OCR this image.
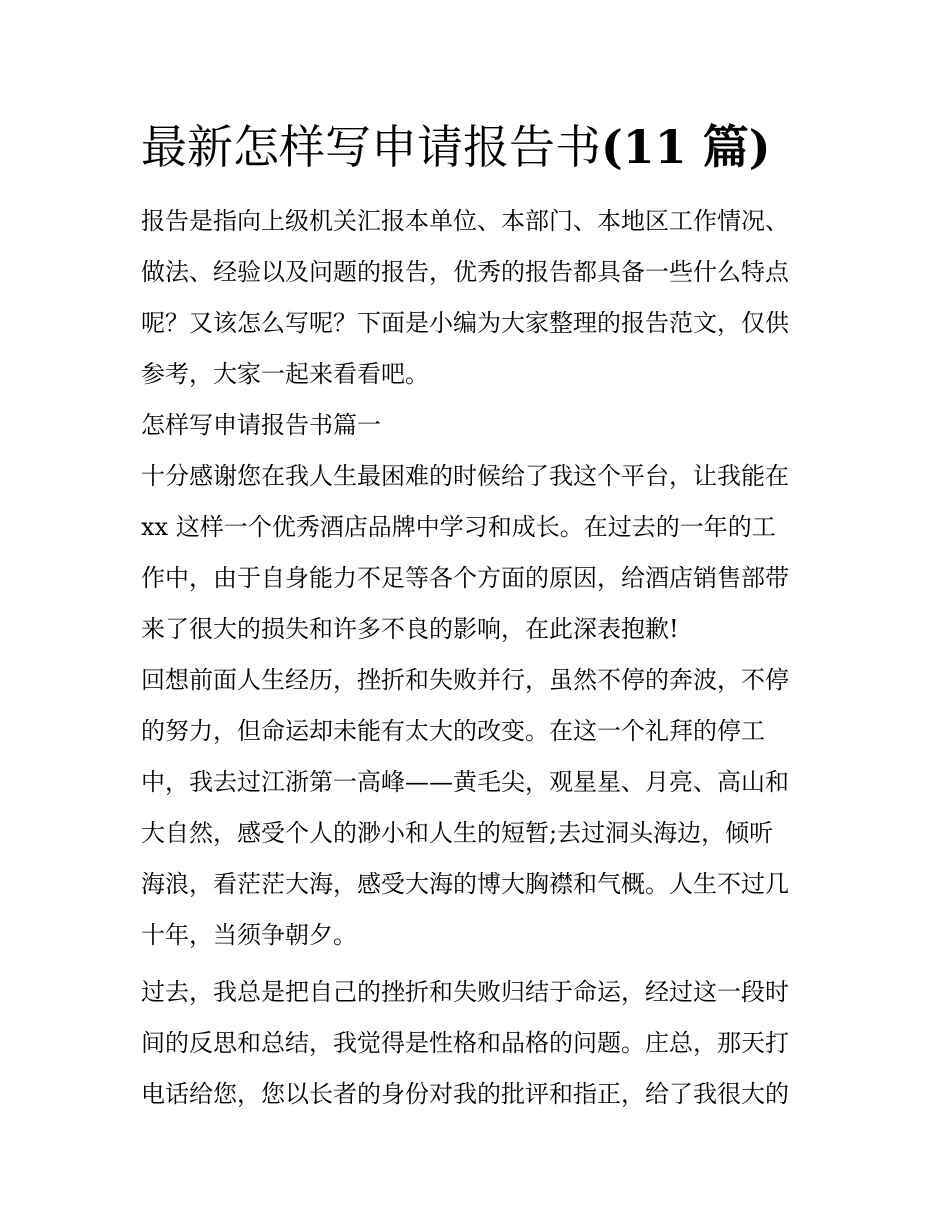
最新怎样写申请报告书(11 篇)

报告是指向上级机关汇报本单位、本部门、本地区工作情况、

做法、经验以及问题的报告，优秀的报告都具备一些什么特点

呢？又该怎么写呢？下面是小编为大家整理的报告范文，仅供

参考，大家一起来看看吧。

怎样写申请报告书篇一

十分感谢您在我人生最困难的时候给了我这个平台，让我能在

xx 这样一个优秀酒店品牌中学习和成长。在过去的一年的工

作中，由于自身能力不足等各个方面的原因，给酒店销售部带

来了很大的损失和许多不良的影响，在此深表抱歉!

回想前面人生经历，挫折和失败并行，虽然不停的奔波，不停

的努力，但命运却未能有太大的改变。在这一个礼拜的停工

中，我去过江浙第一高峰——黄毛尖，观星星、月亮、高山和

大自然，感受个人的渺小和人生的短暂;去过洞头海边，倾听

海浪，看茫茫大海，感受大海的博大胸襟和气概。人生不过几

十年，当须争朝夕。

过去，我总是把自己的挫折和失败归结于命运，经过这一段时

间的反思和总结，我觉得是性格和品格的问题。庄总，那天打

电话给您，您以长者的身份对我的批评和指正，给了我很大的
